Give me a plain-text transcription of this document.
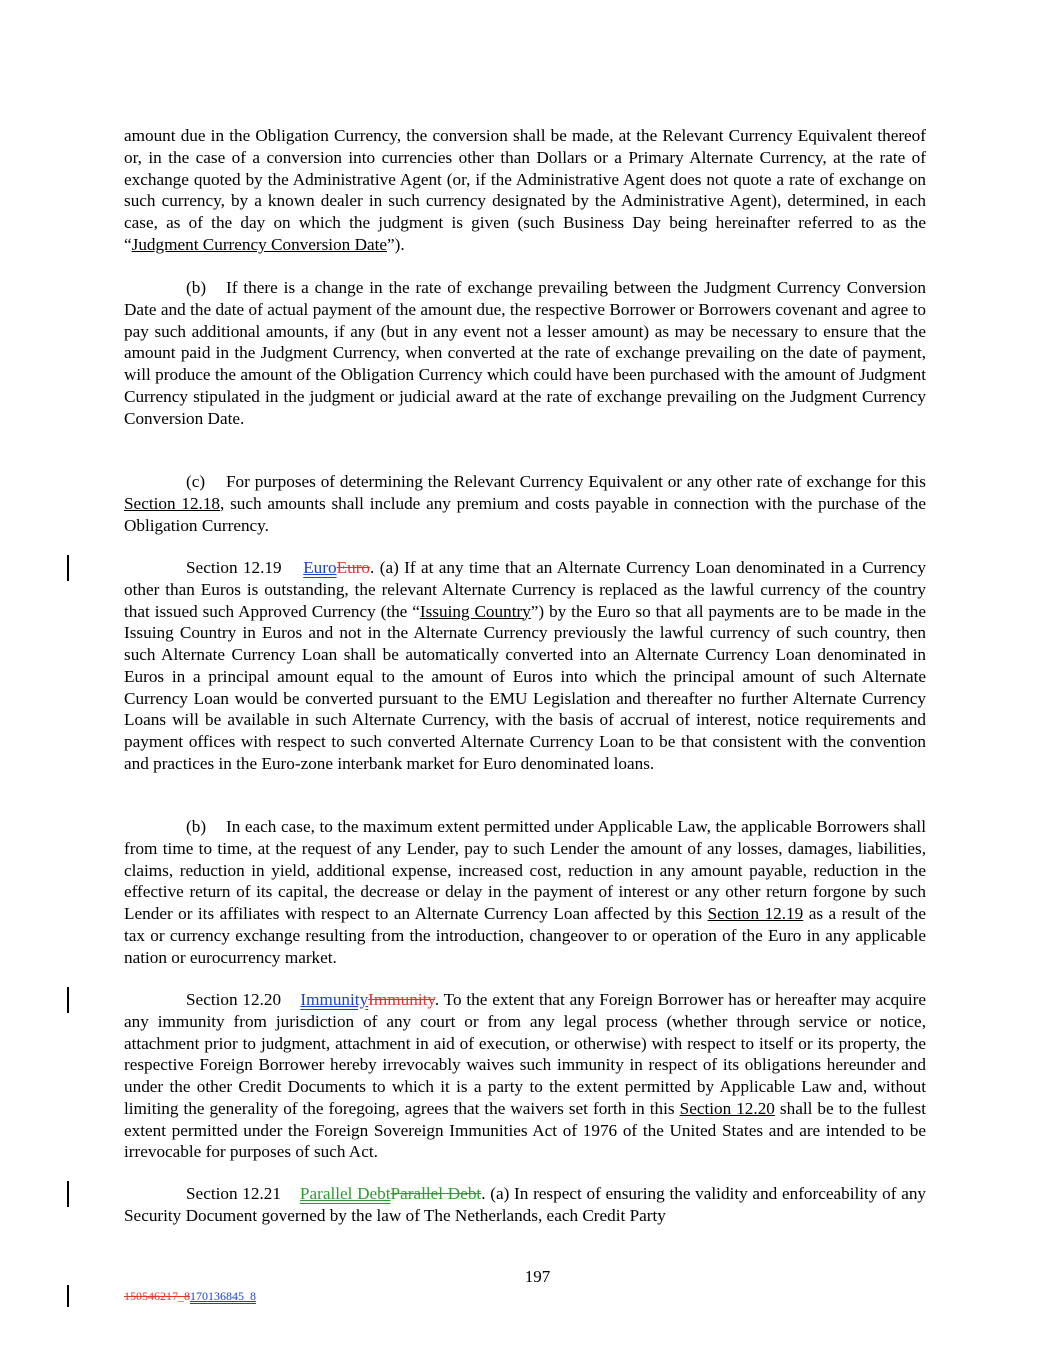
amount due in the Obligation Currency, the conversion shall be made, at the Relevant Currency Equivalent thereof or, in the case of a conversion into currencies other than Dollars or a Primary Alternate Currency, at the rate of exchange quoted by the Administrative Agent (or, if the Administrative Agent does not quote a rate of exchange on such currency, by a known dealer in such currency designated by the Administrative Agent), determined, in each case, as of the day on which the judgment is given (such Business Day being hereinafter referred to as the “Judgment Currency Conversion Date”).

(b) If there is a change in the rate of exchange prevailing between the Judgment Currency Conversion Date and the date of actual payment of the amount due, the respective Borrower or Borrowers covenant and agree to pay such additional amounts, if any (but in any event not a lesser amount) as may be necessary to ensure that the amount paid in the Judgment Currency, when converted at the rate of exchange prevailing on the date of payment, will produce the amount of the Obligation Currency which could have been purchased with the amount of Judgment Currency stipulated in the judgment or judicial award at the rate of exchange prevailing on the Judgment Currency Conversion Date.

(c) For purposes of determining the Relevant Currency Equivalent or any other rate of exchange for this Section 12.18, such amounts shall include any premium and costs payable in connection with the purchase of the Obligation Currency.

Section 12.19 EuroEuro. (a) If at any time that an Alternate Currency Loan denominated in a Currency other than Euros is outstanding, the relevant Alternate Currency is replaced as the lawful currency of the country that issued such Approved Currency (the “Issuing Country”) by the Euro so that all payments are to be made in the Issuing Country in Euros and not in the Alternate Currency previously the lawful currency of such country, then such Alternate Currency Loan shall be automatically converted into an Alternate Currency Loan denominated in Euros in a principal amount equal to the amount of Euros into which the principal amount of such Alternate Currency Loan would be converted pursuant to the EMU Legislation and thereafter no further Alternate Currency Loans will be available in such Alternate Currency, with the basis of accrual of interest, notice requirements and payment offices with respect to such converted Alternate Currency Loan to be that consistent with the convention and practices in the Euro-zone interbank market for Euro denominated loans.

(b) In each case, to the maximum extent permitted under Applicable Law, the applicable Borrowers shall from time to time, at the request of any Lender, pay to such Lender the amount of any losses, damages, liabilities, claims, reduction in yield, additional expense, increased cost, reduction in any amount payable, reduction in the effective return of its capital, the decrease or delay in the payment of interest or any other return forgone by such Lender or its affiliates with respect to an Alternate Currency Loan affected by this Section 12.19 as a result of the tax or currency exchange resulting from the introduction, changeover to or operation of the Euro in any applicable nation or eurocurrency market.

Section 12.20 ImmunityImmunity. To the extent that any Foreign Borrower has or hereafter may acquire any immunity from jurisdiction of any court or from any legal process (whether through service or notice, attachment prior to judgment, attachment in aid of execution, or otherwise) with respect to itself or its property, the respective Foreign Borrower hereby irrevocably waives such immunity in respect of its obligations hereunder and under the other Credit Documents to which it is a party to the extent permitted by Applicable Law and, without limiting the generality of the foregoing, agrees that the waivers set forth in this Section 12.20 shall be to the fullest extent permitted under the Foreign Sovereign Immunities Act of 1976 of the United States and are intended to be irrevocable for purposes of such Act.

Section 12.21 Parallel DebtParallel Debt. (a) In respect of ensuring the validity and enforceability of any Security Document governed by the law of The Netherlands, each Credit Party

197
150546217_8170136845_8
